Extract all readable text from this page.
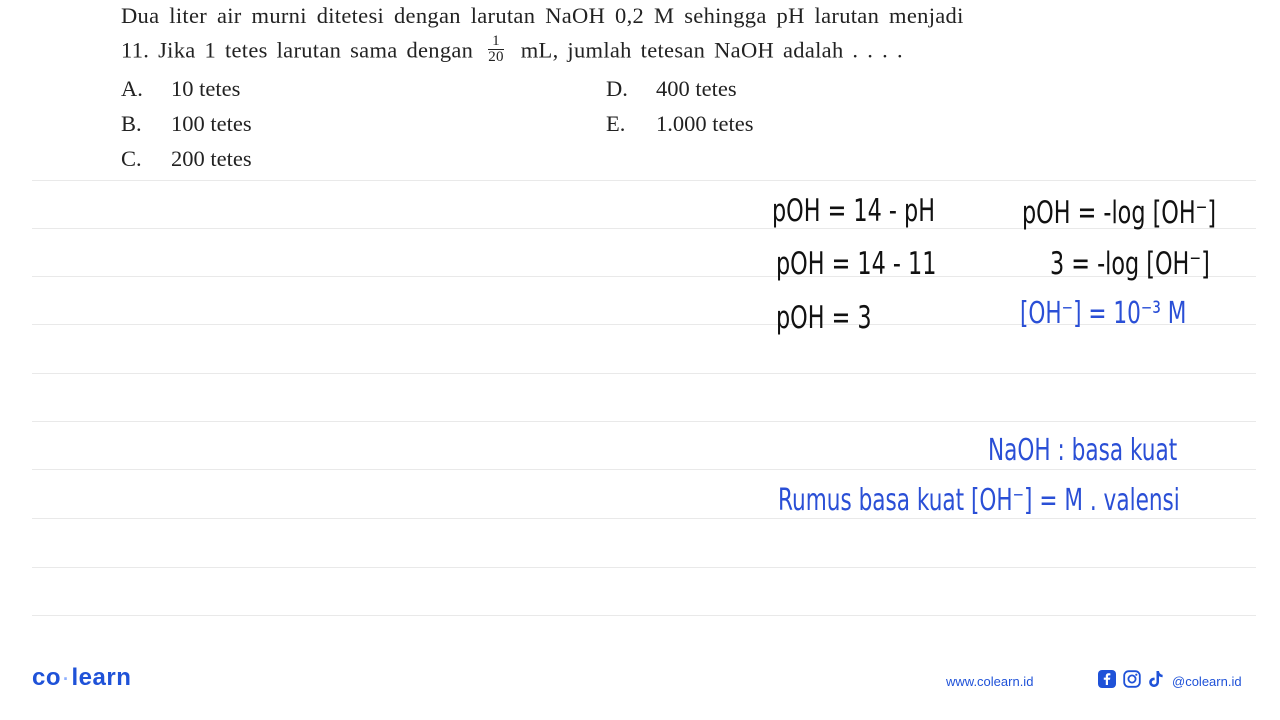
Dua liter air murni ditetesi dengan larutan NaOH 0,2 M sehingga pH larutan menjadi
11. Jika 1 tetes larutan sama dengan $\frac{1}{20}$ mL, jumlah tetesan NaOH adalah . . . .
A. 10 tetes
B. 100 tetes
C. 200 tetes
D. 400 tetes
E. 1.000 tetes
pOH = 14 - pH
pOH = 14 - 11
pOH = 3
pOH = -log [OH⁻]
3 = -log [OH⁻]
[OH⁻] = 10⁻³ M
NaOH : basa kuat
Rumus basa kuat [OH⁻] = M . valensi
co ·learn	www.colearn.id	@colearn.id
